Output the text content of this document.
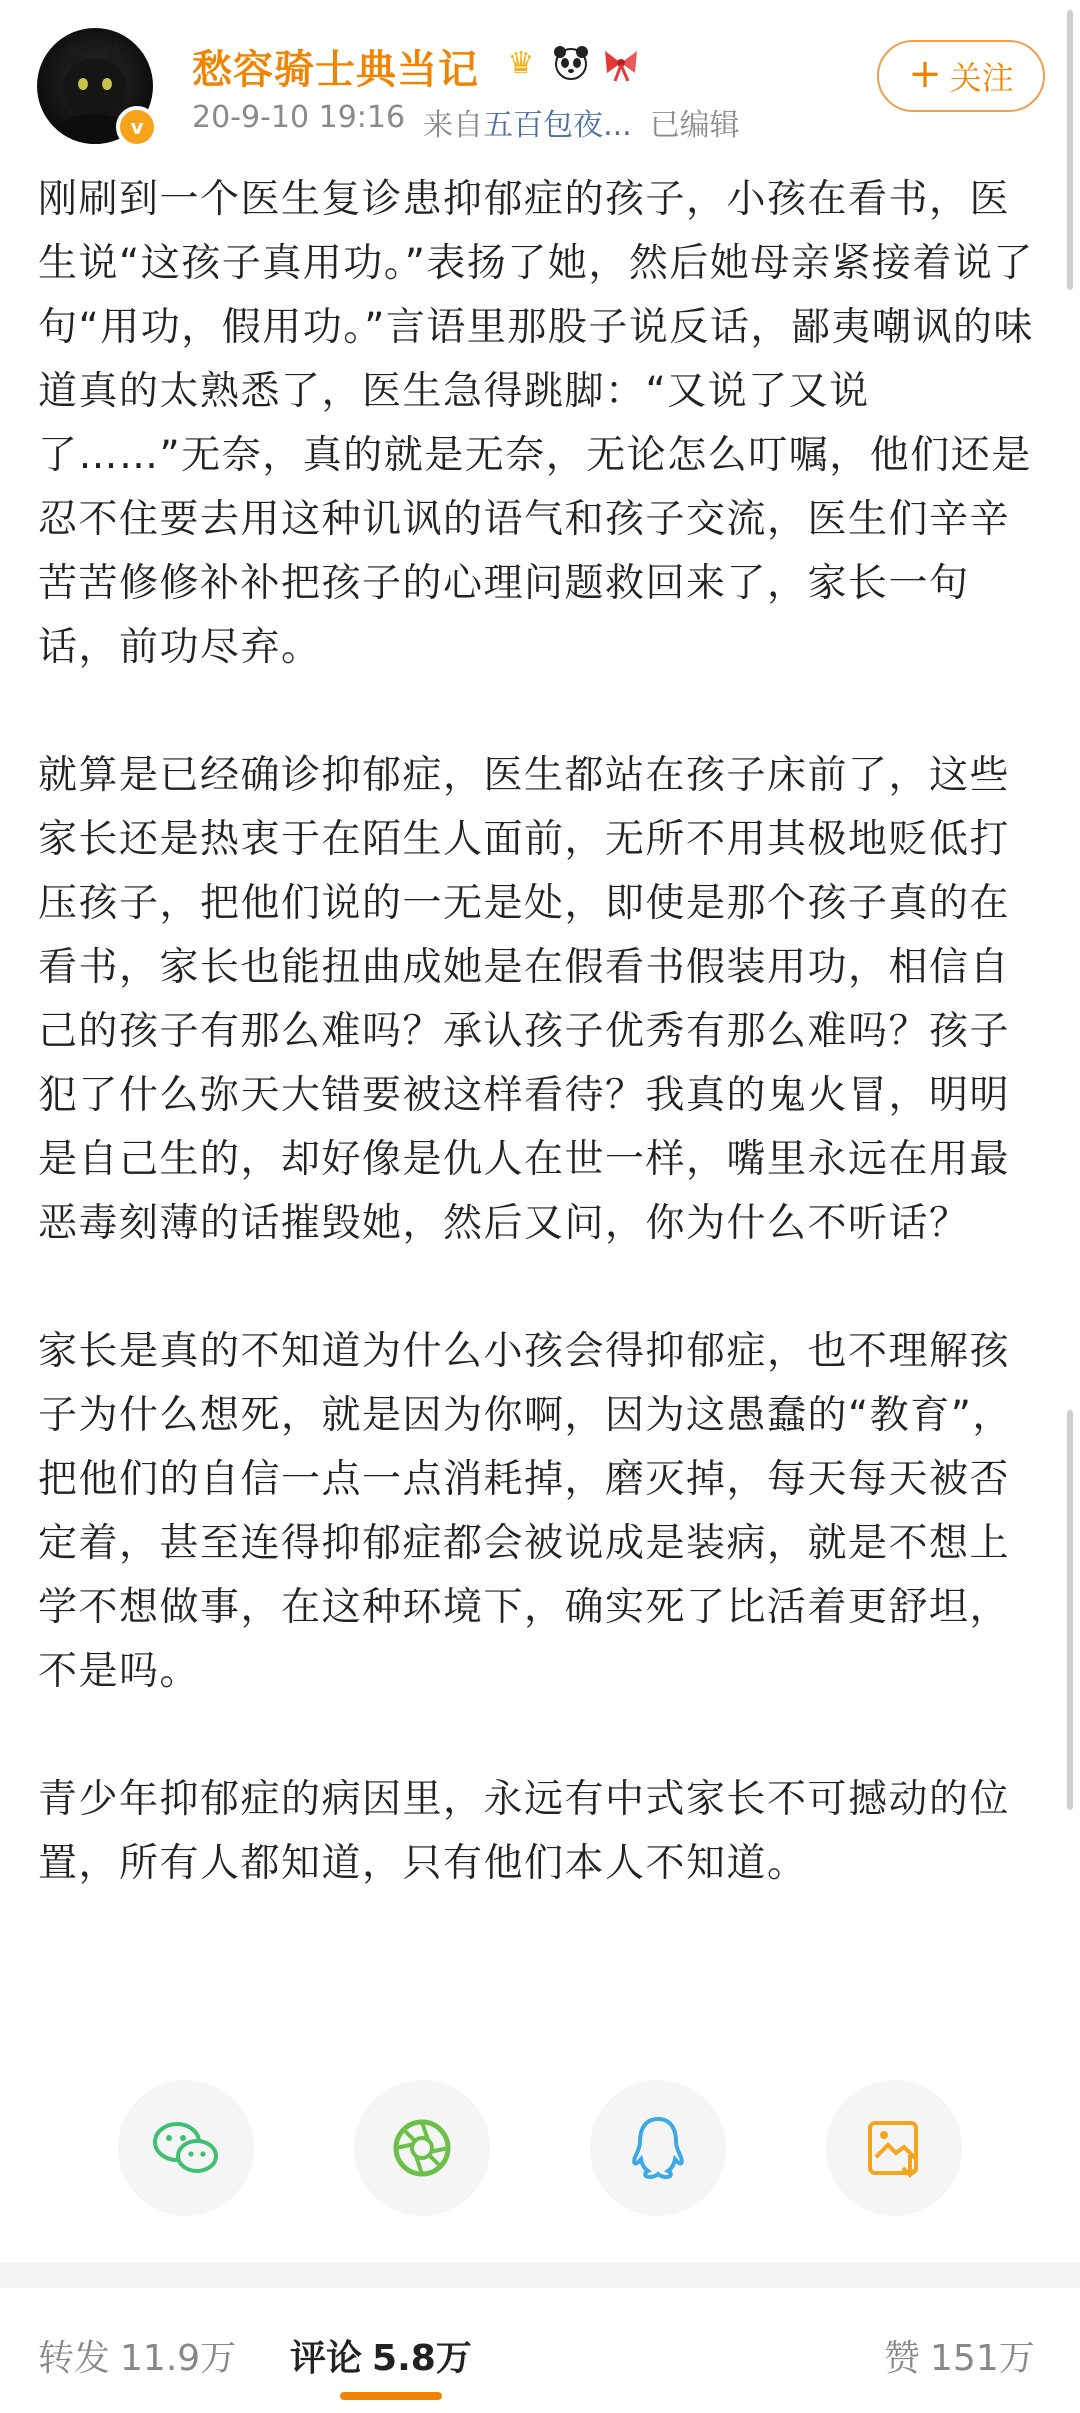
v
愁容骑士典当记 ♛
20-9-10 19:16 来自五百包夜... 已编辑
+ 关注

刚刷到一个医生复诊患抑郁症的孩子，小孩在看书，医生说“这孩子真用功。”表扬了她，然后她母亲紧接着说了句“用功，假用功。”言语里那股子说反话，鄙夷嘲讽的味道真的太熟悉了，医生急得跳脚：“又说了又说了……”无奈，真的就是无奈，无论怎么叮嘱，他们还是忍不住要去用这种讥讽的语气和孩子交流，医生们辛辛苦苦修修补补把孩子的心理问题救回来了，家长一句话，前功尽弃。

就算是已经确诊抑郁症，医生都站在孩子床前了，这些家长还是热衷于在陌生人面前，无所不用其极地贬低打压孩子，把他们说的一无是处，即使是那个孩子真的在看书，家长也能扭曲成她是在假看书假装用功，相信自己的孩子有那么难吗？承认孩子优秀有那么难吗？孩子犯了什么弥天大错要被这样看待？我真的鬼火冒，明明是自己生的，却好像是仇人在世一样，嘴里永远在用最恶毒刻薄的话摧毁她，然后又问，你为什么不听话？

家长是真的不知道为什么小孩会得抑郁症，也不理解孩子为什么想死，就是因为你啊，因为这愚蠢的“教育”，把他们的自信一点一点消耗掉，磨灭掉，每天每天被否定着，甚至连得抑郁症都会被说成是装病，就是不想上学不想做事，在这种环境下，确实死了比活着更舒坦，不是吗。

青少年抑郁症的病因里，永远有中式家长不可撼动的位置，所有人都知道，只有他们本人不知道。

转发 11.9万 评论 5.8万	赞 151万
